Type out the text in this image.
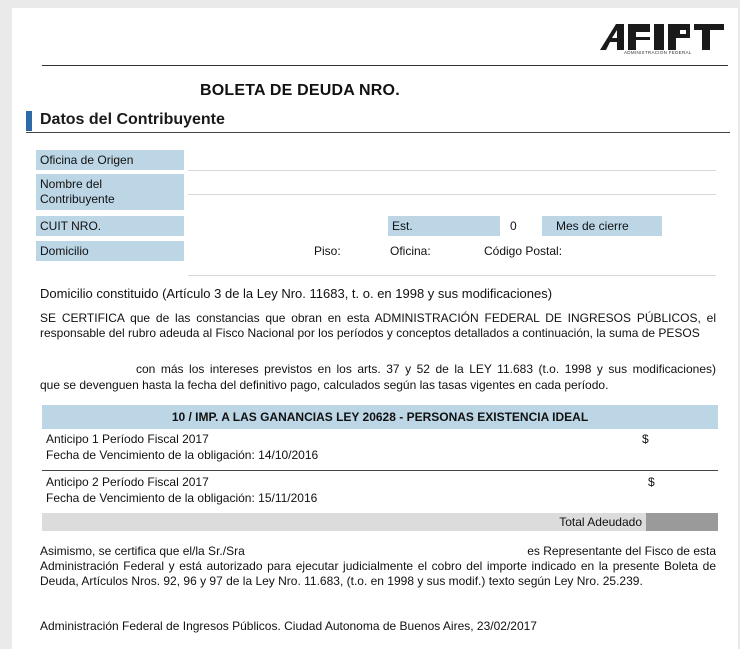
ADMINISTRACION FEDERAL
BOLETA DE DEUDA NRO.
Datos del Contribuyente
Oficina de Origen
Nombre del
Contribuyente
CUIT NRO.	Est.	0	Mes de cierre
Domicilio	Piso:	Oficina:	Código Postal:
Domicilio constituido (Artículo 3 de la Ley Nro. 11683, t. o. en 1998 y sus modificaciones)
SE CERTIFICA que de las constancias que obran en esta ADMINISTRACIÓN FEDERAL DE INGRESOS PÚBLICOS, el responsable del rubro adeuda al Fisco Nacional por los períodos y conceptos detallados a continuación, la suma de PESOS
con más los intereses previstos en los arts. 37 y 52 de la LEY 11.683 (t.o. 1998 y sus modificaciones)
que se devenguen hasta la fecha del definitivo pago, calculados según las tasas vigentes en cada período.
10 / IMP. A LAS GANANCIAS LEY 20628 - PERSONAS EXISTENCIA IDEAL
Anticipo 1 Período Fiscal 2017
Fecha de Vencimiento de la obligación: 14/10/2016
$
Anticipo 2 Período Fiscal 2017
Fecha de Vencimiento de la obligación: 15/11/2016
$
Total Adeudado
Asimismo, se certifica que el/la Sr./Sra	es Representante del Fisco de esta
Administración Federal y está autorizado para ejecutar judicialmente el cobro del importe indicado en la presente Boleta de Deuda, Artículos Nros. 92, 96 y 97 de la Ley Nro. 11.683, (t.o. en 1998 y sus modif.) texto según Ley Nro. 25.239.
Administración Federal de Ingresos Públicos. Ciudad Autonoma de Buenos Aires, 23/02/2017
